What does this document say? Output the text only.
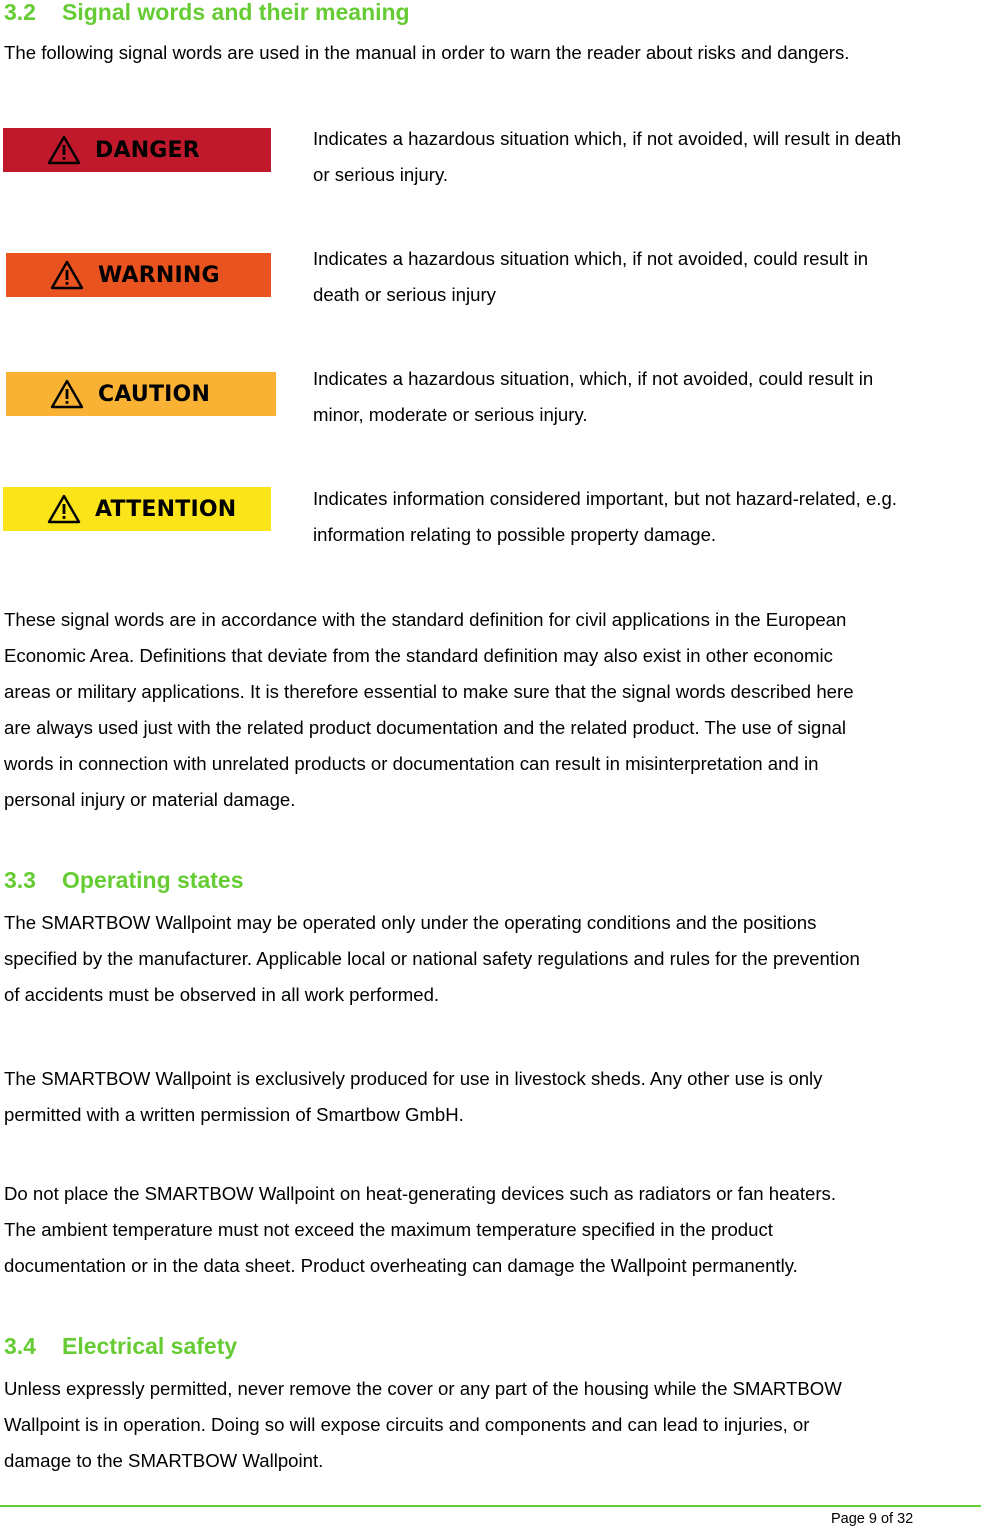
3.2 Signal words and their meaning

The following signal words are used in the manual in order to warn the reader about risks and dangers.

DANGER	Indicates a hazardous situation which, if not avoided, will result in death
or serious injury.

WARNING

Indicates a hazardous situation which, if not avoided, could result in
death or serious injury

CAUTION

Indicates a hazardous situation, which, if not avoided, could result in
minor, moderate or serious injury.

ATTENTION	Indicates information considered important, but not hazard-related, e.g.
information relating to possible property damage.

These signal words are in accordance with the standard definition for civil applications in the European
Economic Area. Definitions that deviate from the standard definition may also exist in other economic
areas or military applications. It is therefore essential to make sure that the signal words described here
are always used just with the related product documentation and the related product. The use of signal
words in connection with unrelated products or documentation can result in misinterpretation and in
personal injury or material damage.

3.3 Operating states

The SMARTBOW Wallpoint may be operated only under the operating conditions and the positions
specified by the manufacturer. Applicable local or national safety regulations and rules for the prevention
of accidents must be observed in all work performed.

The SMARTBOW Wallpoint is exclusively produced for use in livestock sheds. Any other use is only
permitted with a written permission of Smartbow GmbH.

Do not place the SMARTBOW Wallpoint on heat-generating devices such as radiators or fan heaters.
The ambient temperature must not exceed the maximum temperature specified in the product
documentation or in the data sheet. Product overheating can damage the Wallpoint permanently.

3.4 Electrical safety

Unless expressly permitted, never remove the cover or any part of the housing while the SMARTBOW
Wallpoint is in operation. Doing so will expose circuits and components and can lead to injuries, or
damage to the SMARTBOW Wallpoint.

Page 9 of 32
